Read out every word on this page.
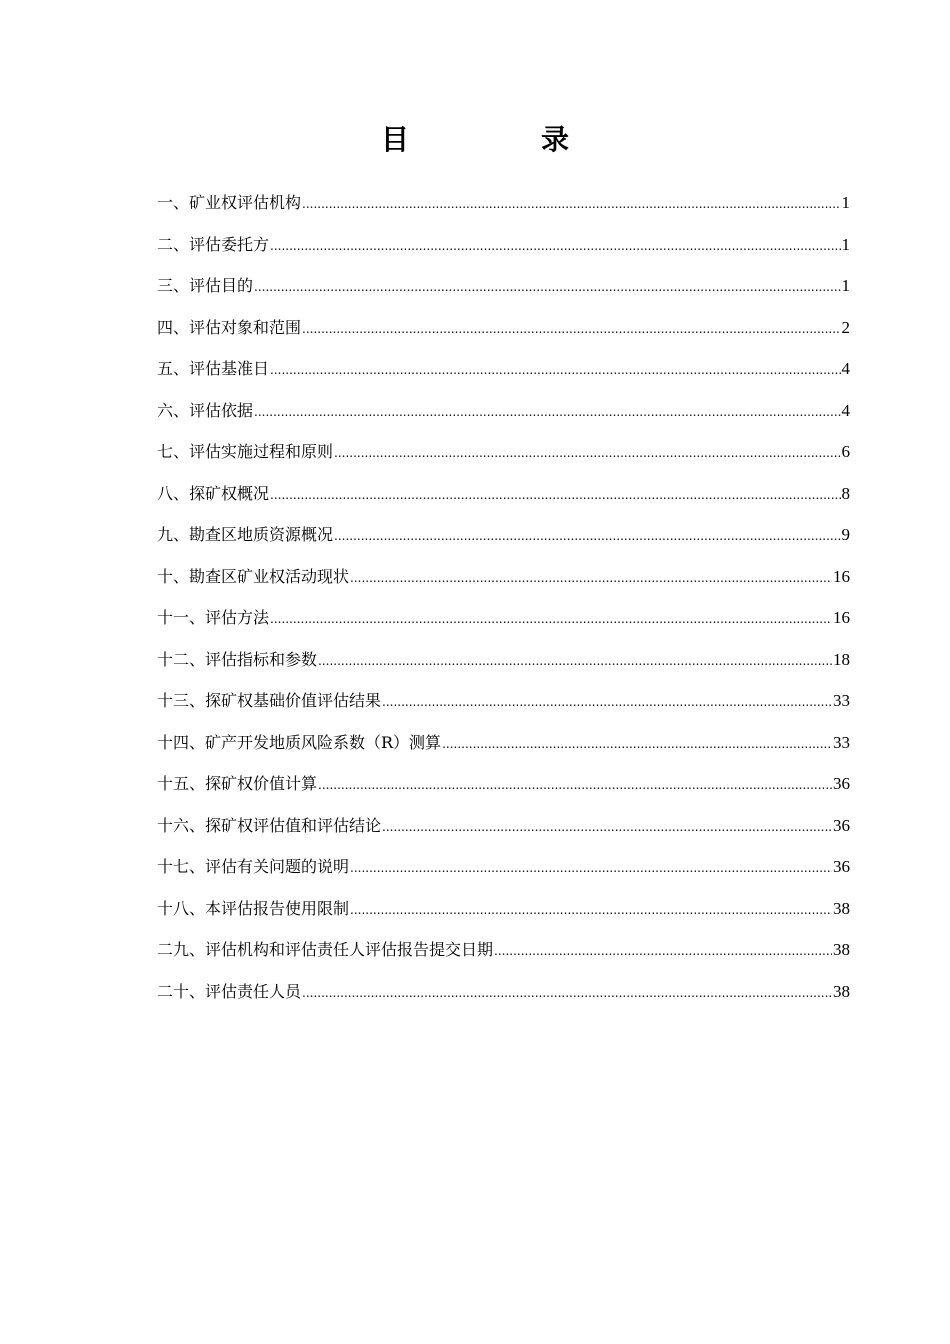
目　录
一、矿业权评估机构 .....	1
二、评估委托方 .....	1
三、评估目的 .....	1
四、评估对象和范围 .....	2
五、评估基准日 .....	4
六、评估依据 .....	4
七、评估实施过程和原则 .....	6
八、探矿权概况 .....	8
九、勘查区地质资源概况 .....	9
十、勘查区矿业权活动现状 .....	16
十一、评估方法 .....	16
十二、评估指标和参数 .....	18
十三、探矿权基础价值评估结果 .....	33
十四、矿产开发地质风险系数（R）测算 .....	33
十五、探矿权价值计算 .....	36
十六、探矿权评估值和评估结论 .....	36
十七、评估有关问题的说明 .....	36
十八、本评估报告使用限制 .....	38
二九、评估机构和评估责任人评估报告提交日期 .....	38
二十、评估责任人员 .....	38
